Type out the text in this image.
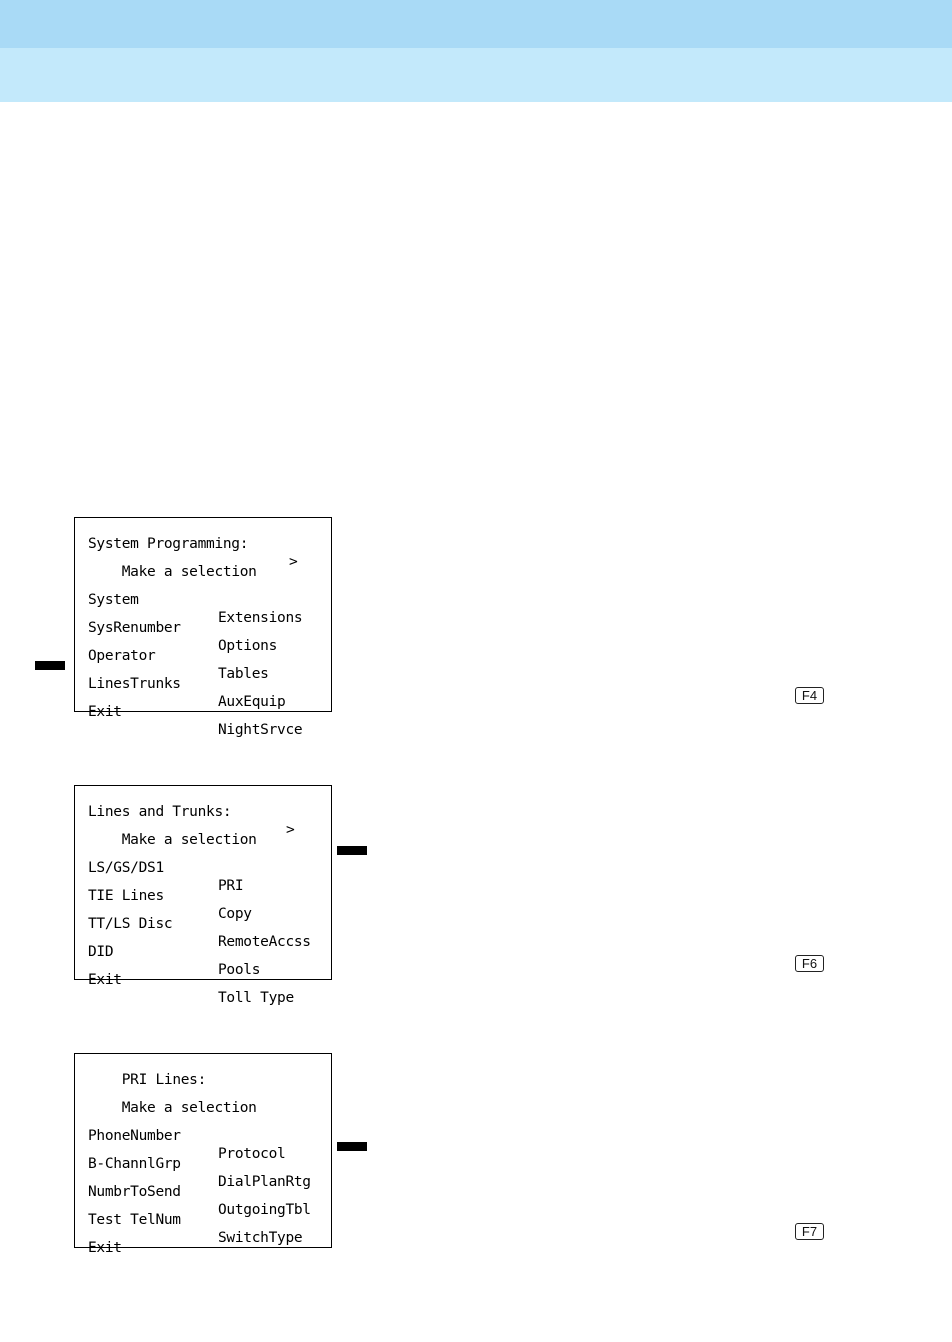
System Programming:

>

Make a selection

System

Extensions

SysRenumber

Options

Operator

Tables

LinesTrunks

AuxEquip

Exit

NightSrvce

F4

Lines and Trunks:

>

Make a selection

LS/GS/DS1

PRI

TIE Lines

Copy

TT/LS Disc

RemoteAccss

DID

Pools

Exit

Toll Type

F6

PRI Lines:

Make a selection

PhoneNumber

Protocol

B-ChannlGrp

DialPlanRtg

NumbrToSend

OutgoingTbl

Test TelNum

SwitchType

Exit

F7
